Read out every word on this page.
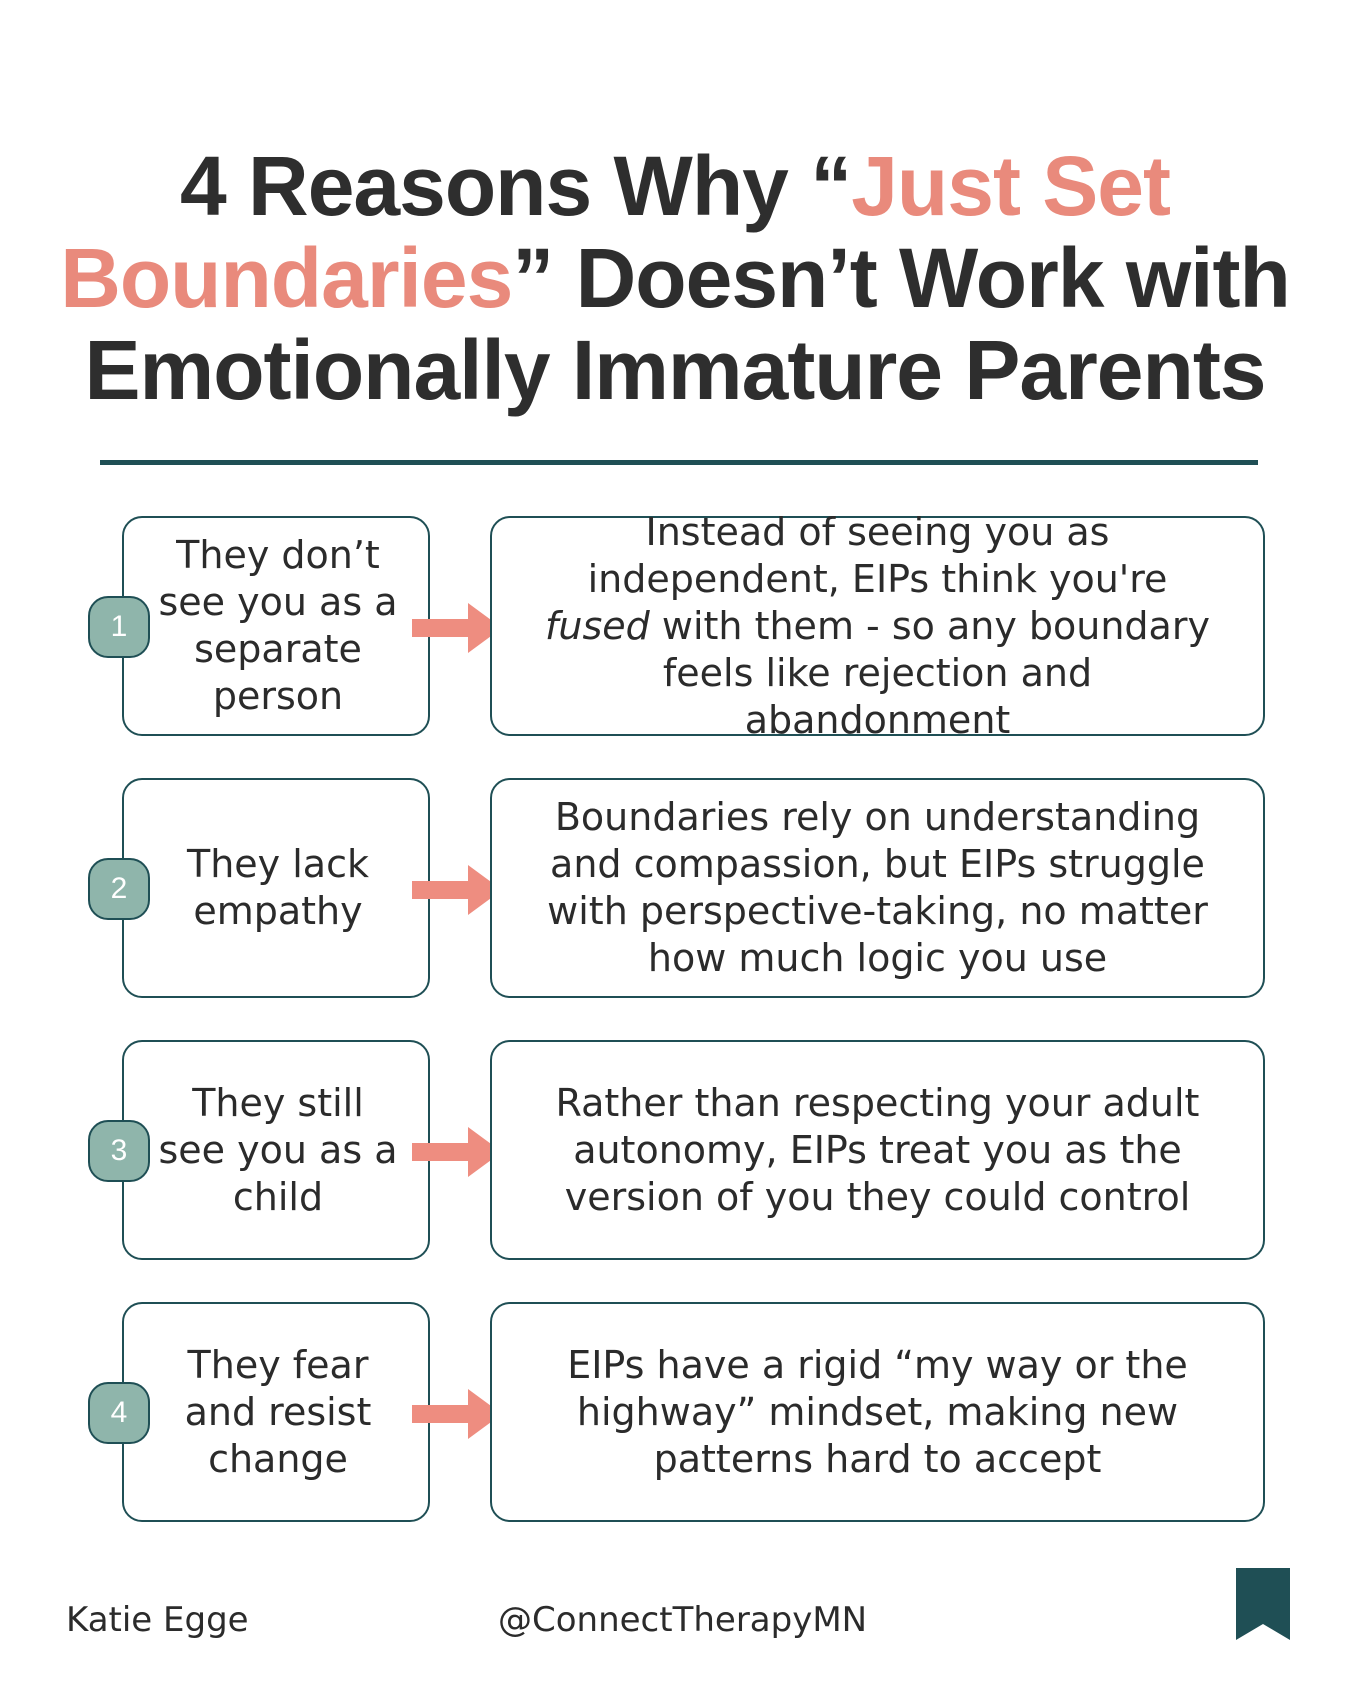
4 Reasons Why “Just Set Boundaries” Doesn’t Work with Emotionally Immature Parents
1
They don’t see you as a separate person
Instead of seeing you as independent, EIPs think you're fused with them - so any boundary feels like rejection and abandonment
2
They lack empathy
Boundaries rely on understanding and compassion, but EIPs struggle with perspective-taking, no matter how much logic you use
3
They still see you as a child
Rather than respecting your adult autonomy, EIPs treat you as the version of you they could control
4
They fear and resist change
EIPs have a rigid “my way or the highway” mindset, making new patterns hard to accept
Katie Egge	@ConnectTherapyMN
